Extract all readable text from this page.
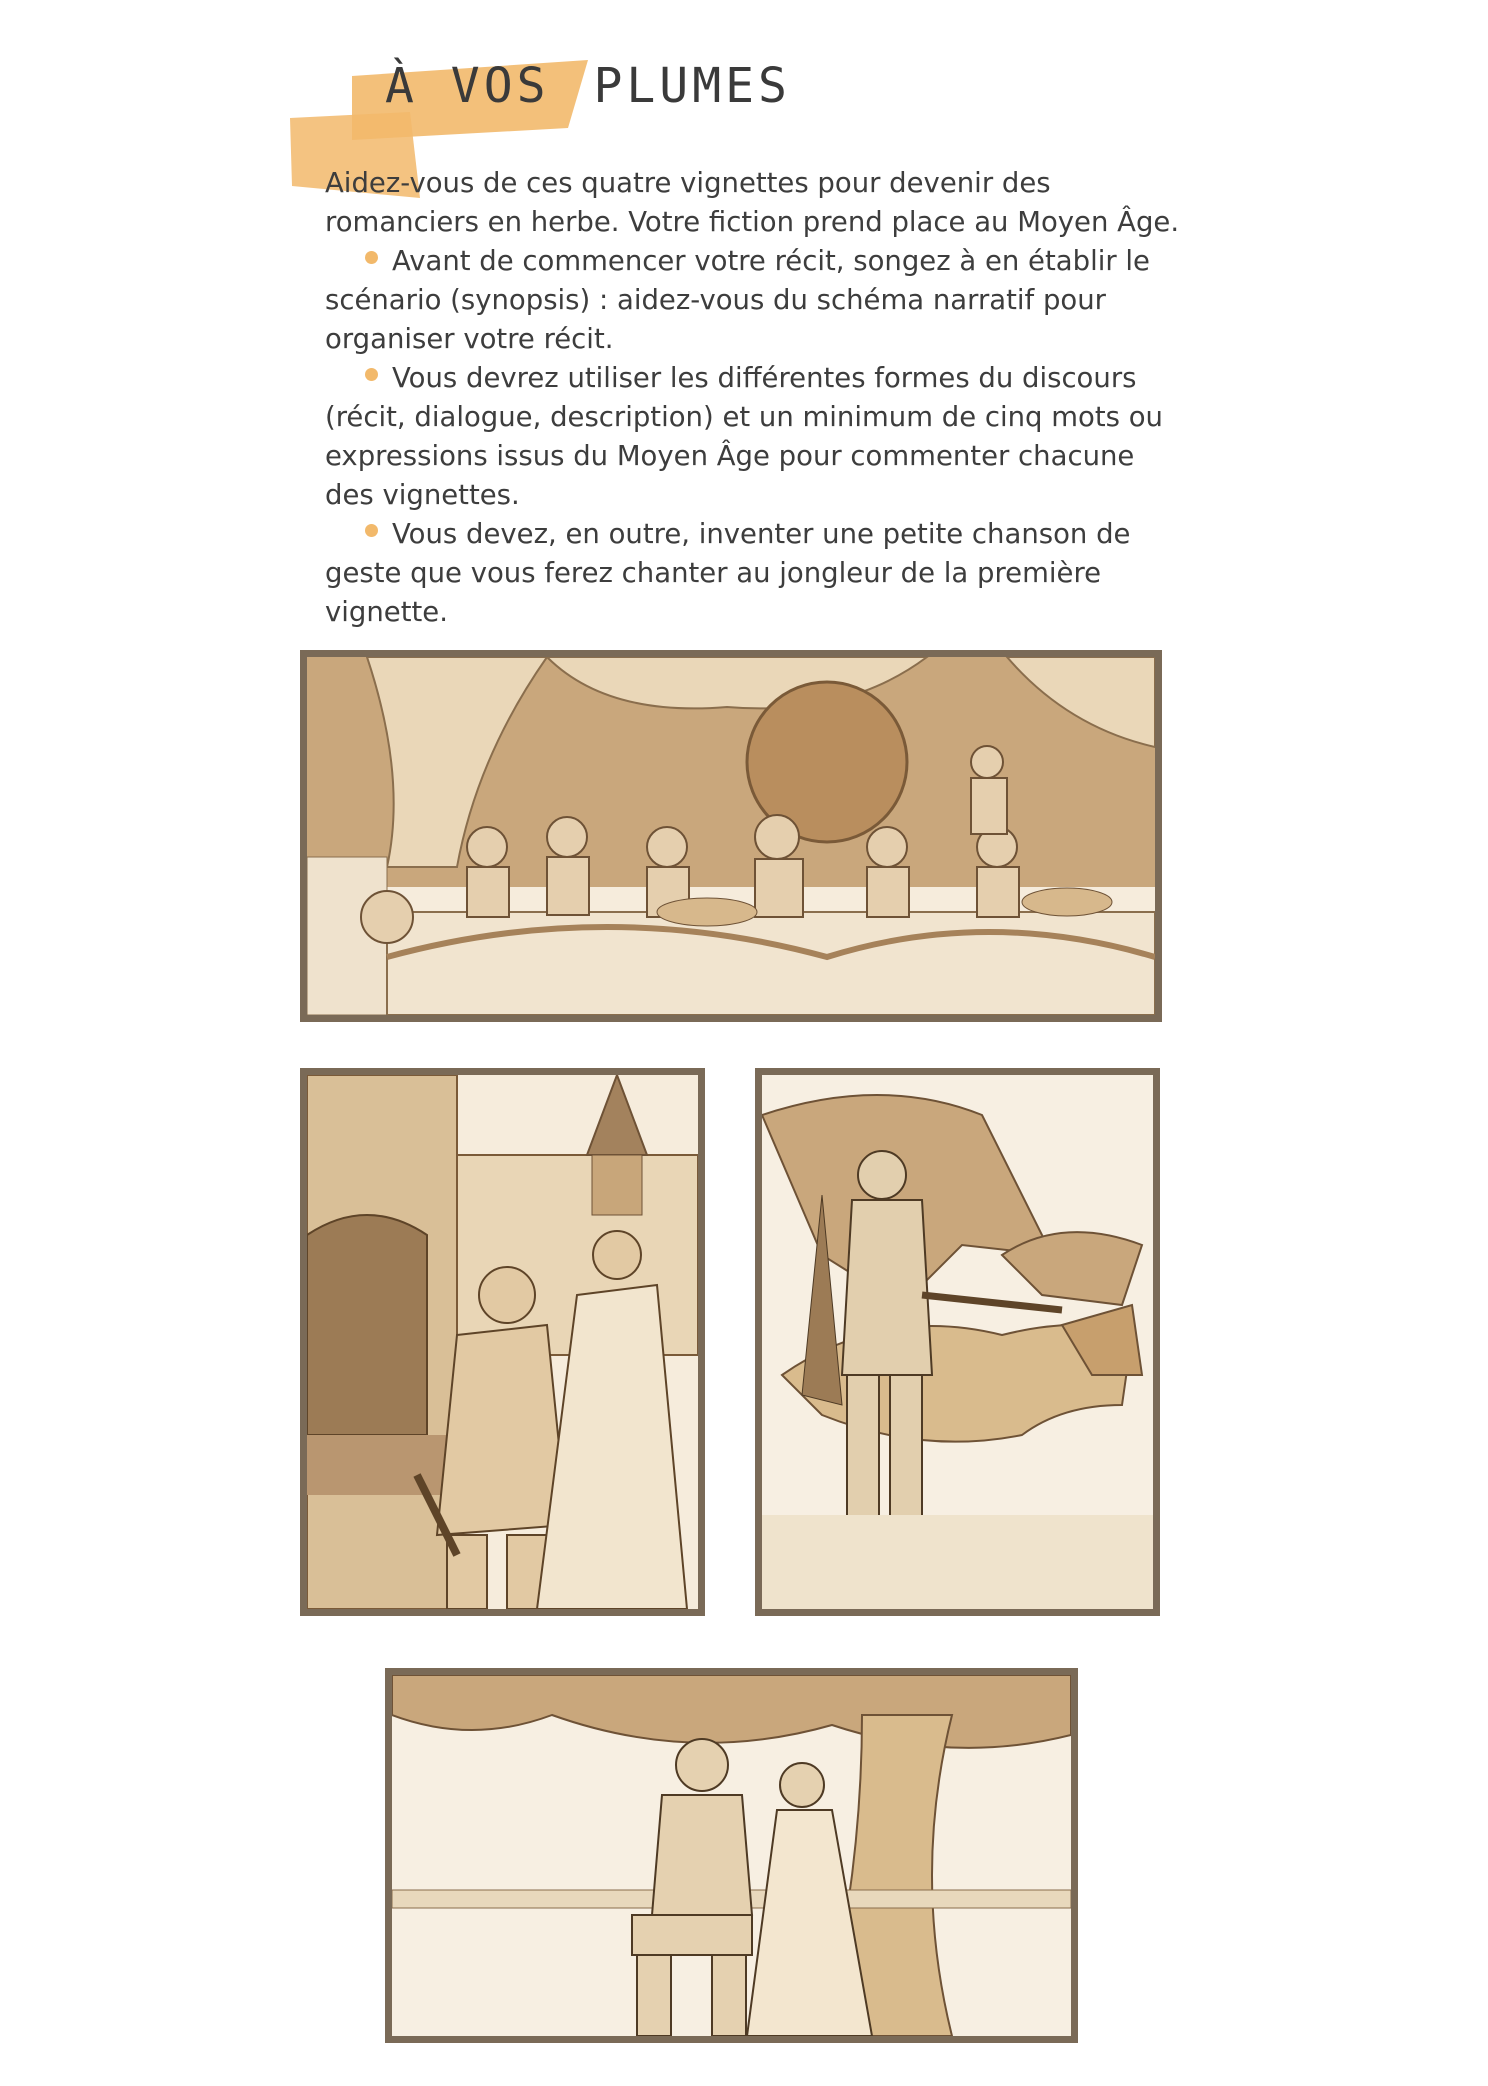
À VOS PLUMES

Aidez-vous de ces quatre vignettes pour devenir des romanciers en herbe. Votre fiction prend place au Moyen Âge.

Avant de commencer votre récit, songez à en établir le scénario (synopsis) : aidez-vous du schéma narratif pour organiser votre récit.

Vous devrez utiliser les différentes formes du discours (récit, dialogue, description) et un minimum de cinq mots ou expressions issus du Moyen Âge pour commenter chacune des vignettes.

Vous devez, en outre, inventer une petite chanson de geste que vous ferez chanter au jongleur de la première vignette.
